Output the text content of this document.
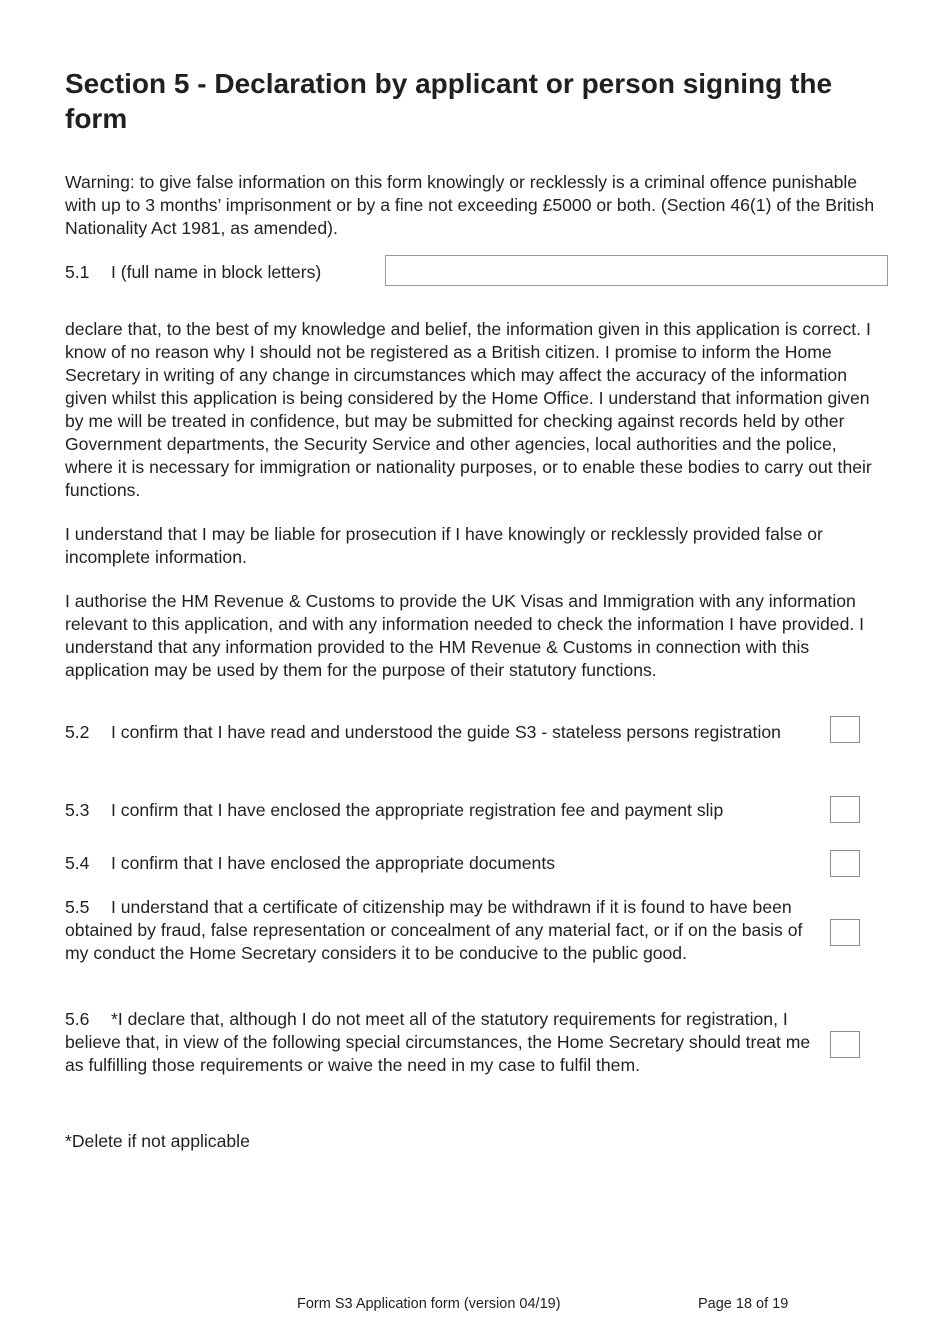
Section 5 - Declaration by applicant or person signing the form

Warning: to give false information on this form knowingly or recklessly is a criminal offence punishable with up to 3 months’ imprisonment or by a fine not exceeding £5000 or both. (Section 46(1) of the British Nationality Act 1981, as amended).

5.1 I (full name in block letters)

declare that, to the best of my knowledge and belief, the information given in this application is correct. I know of no reason why I should not be registered as a British citizen. I promise to inform the Home Secretary in writing of any change in circumstances which may affect the accuracy of the information given whilst this application is being considered by the Home Office. I understand that information given by me will be treated in confidence, but may be submitted for checking against records held by other Government departments, the Security Service and other agencies, local authorities and the police, where it is necessary for immigration or nationality purposes, or to enable these bodies to carry out their functions.

I understand that I may be liable for prosecution if I have knowingly or recklessly provided false or incomplete information.

I authorise the HM Revenue & Customs to provide the UK Visas and Immigration with any information relevant to this application, and with any information needed to check the information I have provided. I understand that any information provided to the HM Revenue & Customs in connection with this application may be used by them for the purpose of their statutory functions.

5.2 I confirm that I have read and understood the guide S3 - stateless persons registration
5.3 I confirm that I have enclosed the appropriate registration fee and payment slip
5.4 I confirm that I have enclosed the appropriate documents
5.5 I understand that a certificate of citizenship may be withdrawn if it is found to have been obtained by fraud, false representation or concealment of any material fact, or if on the basis of my conduct the Home Secretary considers it to be conducive to the public good.
5.6 *I declare that, although I do not meet all of the statutory requirements for registration, I believe that, in view of the following special circumstances, the Home Secretary should treat me as fulfilling those requirements or waive the need in my case to fulfil them.

*Delete if not applicable

Form S3 Application form (version 04/19)	Page 18 of 19
